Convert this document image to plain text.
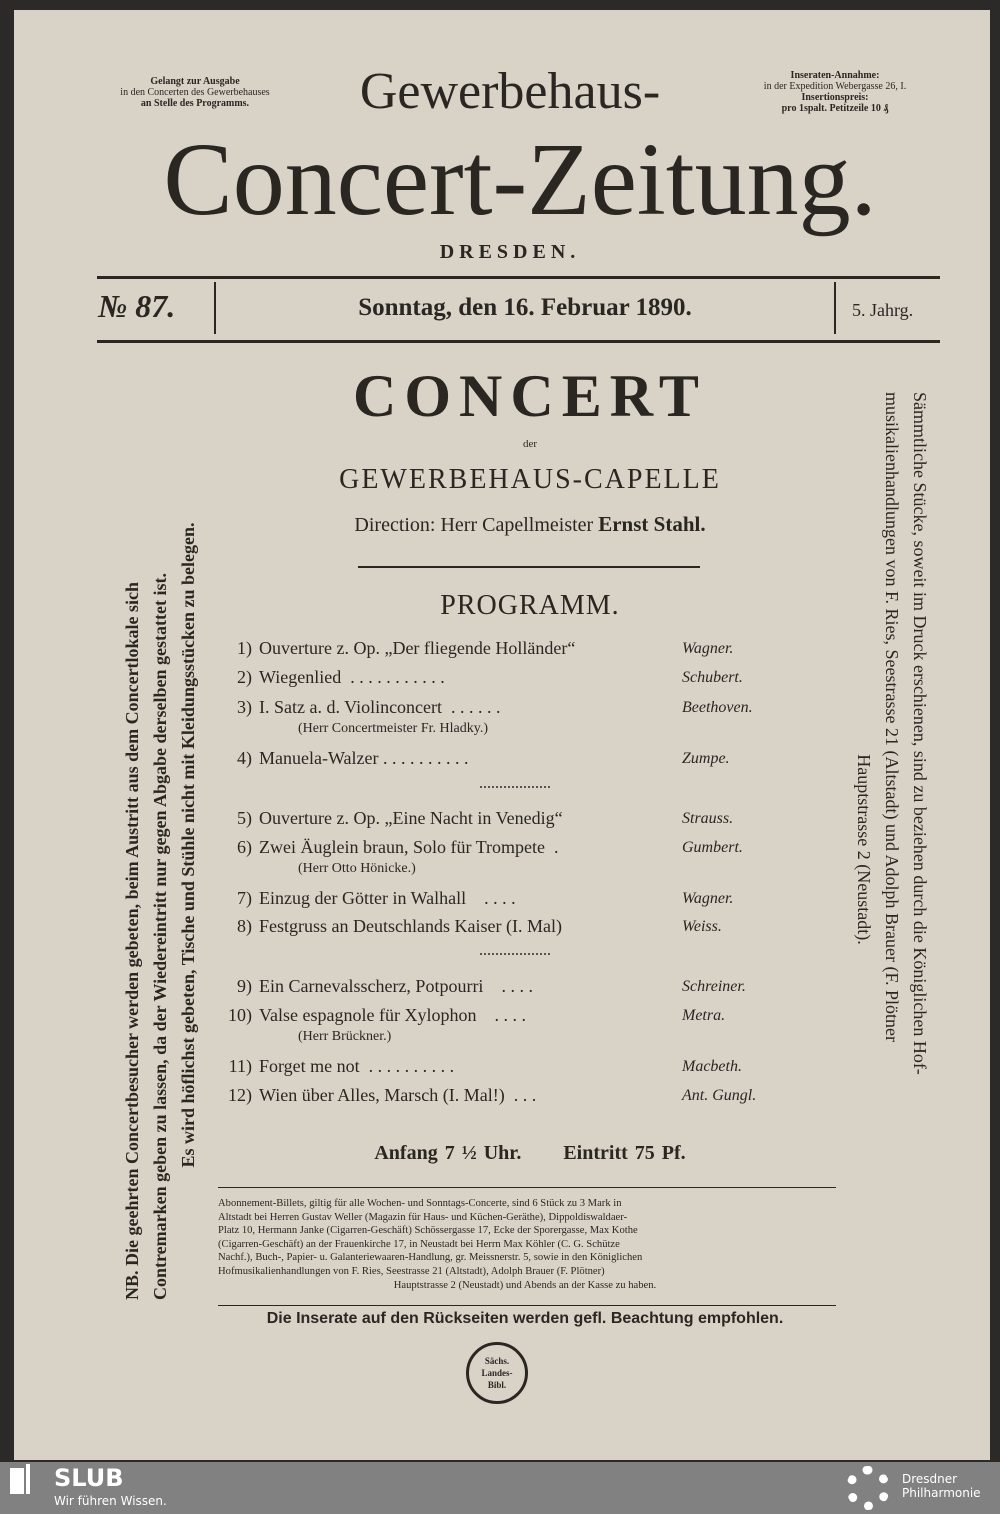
Gelangt zur Ausgabe
in den Concerten des Gewerbehauses
an Stelle des Programms.
Inseraten-Annahme:
in der Expedition Webergasse 26, I.
Insertionspreis:
pro 1spalt. Petitzeile 10 ₰
Gewerbehaus-
Concert-Zeitung.
DRESDEN.
№ 87.	Sonntag, den 16. Februar 1890.	5. Jahrg.
CONCERT
der
GEWERBEHAUS-CAPELLE
Direction: Herr Capellmeister Ernst Stahl.
PROGRAMM.
1) Ouverture z. Op. „Der fliegende Holländer“	Wagner.
2) Wiegenlied  . . . . . . . . . . .	Schubert.
3) I. Satz a. d. Violinconcert  . . . . . .	Beethoven.
(Herr Concertmeister Fr. Hladky.)
4) Manuela-Walzer . . . . . . . . . .	Zumpe.
5) Ouverture z. Op. „Eine Nacht in Venedig“	Strauss.
6) Zwei Äuglein braun, Solo für Trompete  .	Gumbert.
(Herr Otto Hönicke.)
7) Einzug der Götter in Walhall    . . . .	Wagner.
8) Festgruss an Deutschlands Kaiser (I. Mal)	Weiss.
9) Ein Carnevalsscherz, Potpourri    . . . .	Schreiner.
10) Valse espagnole für Xylophon    . . . .	Metra.
(Herr Brückner.)
11) Forget me not  . . . . . . . . . .	Macbeth.
12) Wien über Alles, Marsch (I. Mal!)  . . .	Ant. Gungl.
Anfang 7 ½ Uhr. Eintritt 75 Pf.
Abonnement-Billets, giltig für alle Wochen- und Sonntags-Concerte, sind 6 Stück zu 3 Mark in
Altstadt bei Herren Gustav Weller (Magazin für Haus- und Küchen-Geräthe), Dippoldiswaldaer-
Platz 10, Hermann Janke (Cigarren-Geschäft) Schössergasse 17, Ecke der Sporergasse, Max Kothe
(Cigarren-Geschäft) an der Frauenkirche 17, in Neustadt bei Herrn Max Köhler (C. G. Schütze
Nachf.), Buch-, Papier- u. Galanteriewaaren-Handlung, gr. Meissnerstr. 5, sowie in den Königlichen
Hofmusikalienhandlungen von F. Ries, Seestrasse 21 (Altstadt), Adolph Brauer (F. Plötner)
Hauptstrasse 2 (Neustadt) und Abends an der Kasse zu haben.
Die Inserate auf den Rückseiten werden gefl. Beachtung empfohlen.
Sächs. Landes-Bibl.
NB. Die geehrten Concertbesucher werden gebeten, beim Austritt aus dem Concertlokale sich Contremarken geben zu lassen, da der Wiedereintritt nur gegen Abgabe derselben gestattet ist. Es wird höflichst gebeten, Tische und Stühle nicht mit Kleidungsstücken zu belegen.	Sämmtliche Stücke, soweit im Druck erschienen, sind zu beziehen durch die Königlichen Hof-
musikalienhandlungen von F. Ries, Seestrasse 21 (Altstadt) und Adolph Brauer (F. Plötner
Hauptstrasse 2 (Neustadt).
SLUB
Wir führen Wissen.
Dresdner
Philharmonie
